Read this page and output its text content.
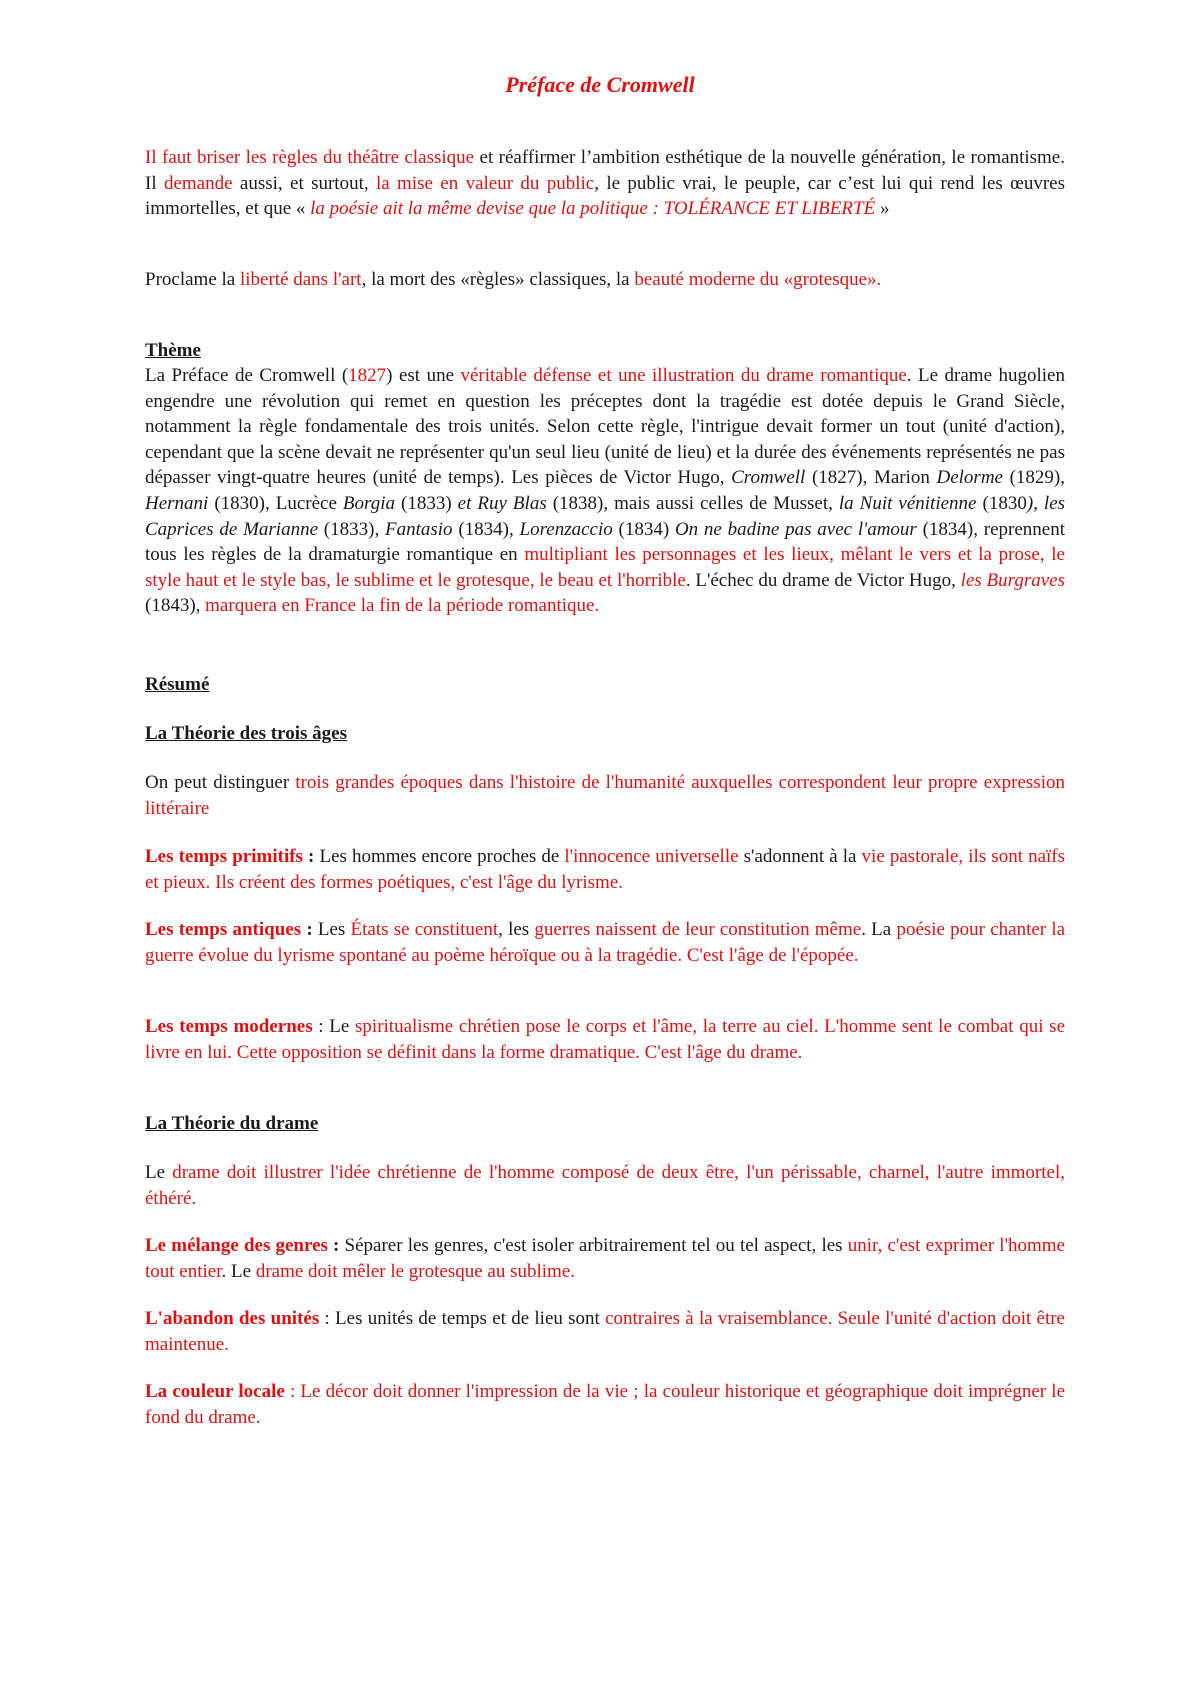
Préface de Cromwell

Il faut briser les règles du théâtre classique et réaffirmer l’ambition esthétique de la nouvelle génération, le romantisme. Il demande aussi, et surtout, la mise en valeur du public, le public vrai, le peuple, car c’est lui qui rend les œuvres immortelles, et que « la poésie ait la même devise que la politique : TOLÉRANCE ET LIBERTÉ »

Proclame la liberté dans l'art, la mort des «règles» classiques, la beauté moderne du «grotesque».

Thème

La Préface de Cromwell (1827) est une véritable défense et une illustration du drame romantique. Le drame hugolien engendre une révolution qui remet en question les préceptes dont la tragédie est dotée depuis le Grand Siècle, notamment la règle fondamentale des trois unités. Selon cette règle, l'intrigue devait former un tout (unité d'action), cependant que la scène devait ne représenter qu'un seul lieu (unité de lieu) et la durée des événements représentés ne pas dépasser vingt-quatre heures (unité de temps). Les pièces de Victor Hugo, Cromwell (1827), Marion Delorme (1829), Hernani (1830), Lucrèce Borgia (1833) et Ruy Blas (1838), mais aussi celles de Musset, la Nuit vénitienne (1830), les Caprices de Marianne (1833), Fantasio (1834), Lorenzaccio (1834) On ne badine pas avec l'amour (1834), reprennent tous les règles de la dramaturgie romantique en multipliant les personnages et les lieux, mêlant le vers et la prose, le style haut et le style bas, le sublime et le grotesque, le beau et l'horrible. L'échec du drame de Victor Hugo, les Burgraves (1843), marquera en France la fin de la période romantique.

Résumé
La Théorie des trois âges

On peut distinguer trois grandes époques dans l'histoire de l'humanité auxquelles correspondent leur propre expression littéraire

Les temps primitifs : Les hommes encore proches de l'innocence universelle s'adonnent à la vie pastorale, ils sont naïfs et pieux. Ils créent des formes poétiques, c'est l'âge du lyrisme.

Les temps antiques : Les États se constituent, les guerres naissent de leur constitution même. La poésie pour chanter la guerre évolue du lyrisme spontané au poème héroïque ou à la tragédie. C'est l'âge de l'épopée.

Les temps modernes : Le spiritualisme chrétien pose le corps et l'âme, la terre au ciel. L'homme sent le combat qui se livre en lui. Cette opposition se définit dans la forme dramatique. C'est l'âge du drame.

La Théorie du drame

Le drame doit illustrer l'idée chrétienne de l'homme composé de deux être, l'un périssable, charnel, l'autre immortel, éthéré.

Le mélange des genres : Séparer les genres, c'est isoler arbitrairement tel ou tel aspect, les unir, c'est exprimer l'homme tout entier. Le drame doit mêler le grotesque au sublime.

L'abandon des unités : Les unités de temps et de lieu sont contraires à la vraisemblance. Seule l'unité d'action doit être maintenue.

La couleur locale : Le décor doit donner l'impression de la vie ; la couleur historique et géographique doit imprégner le fond du drame.
